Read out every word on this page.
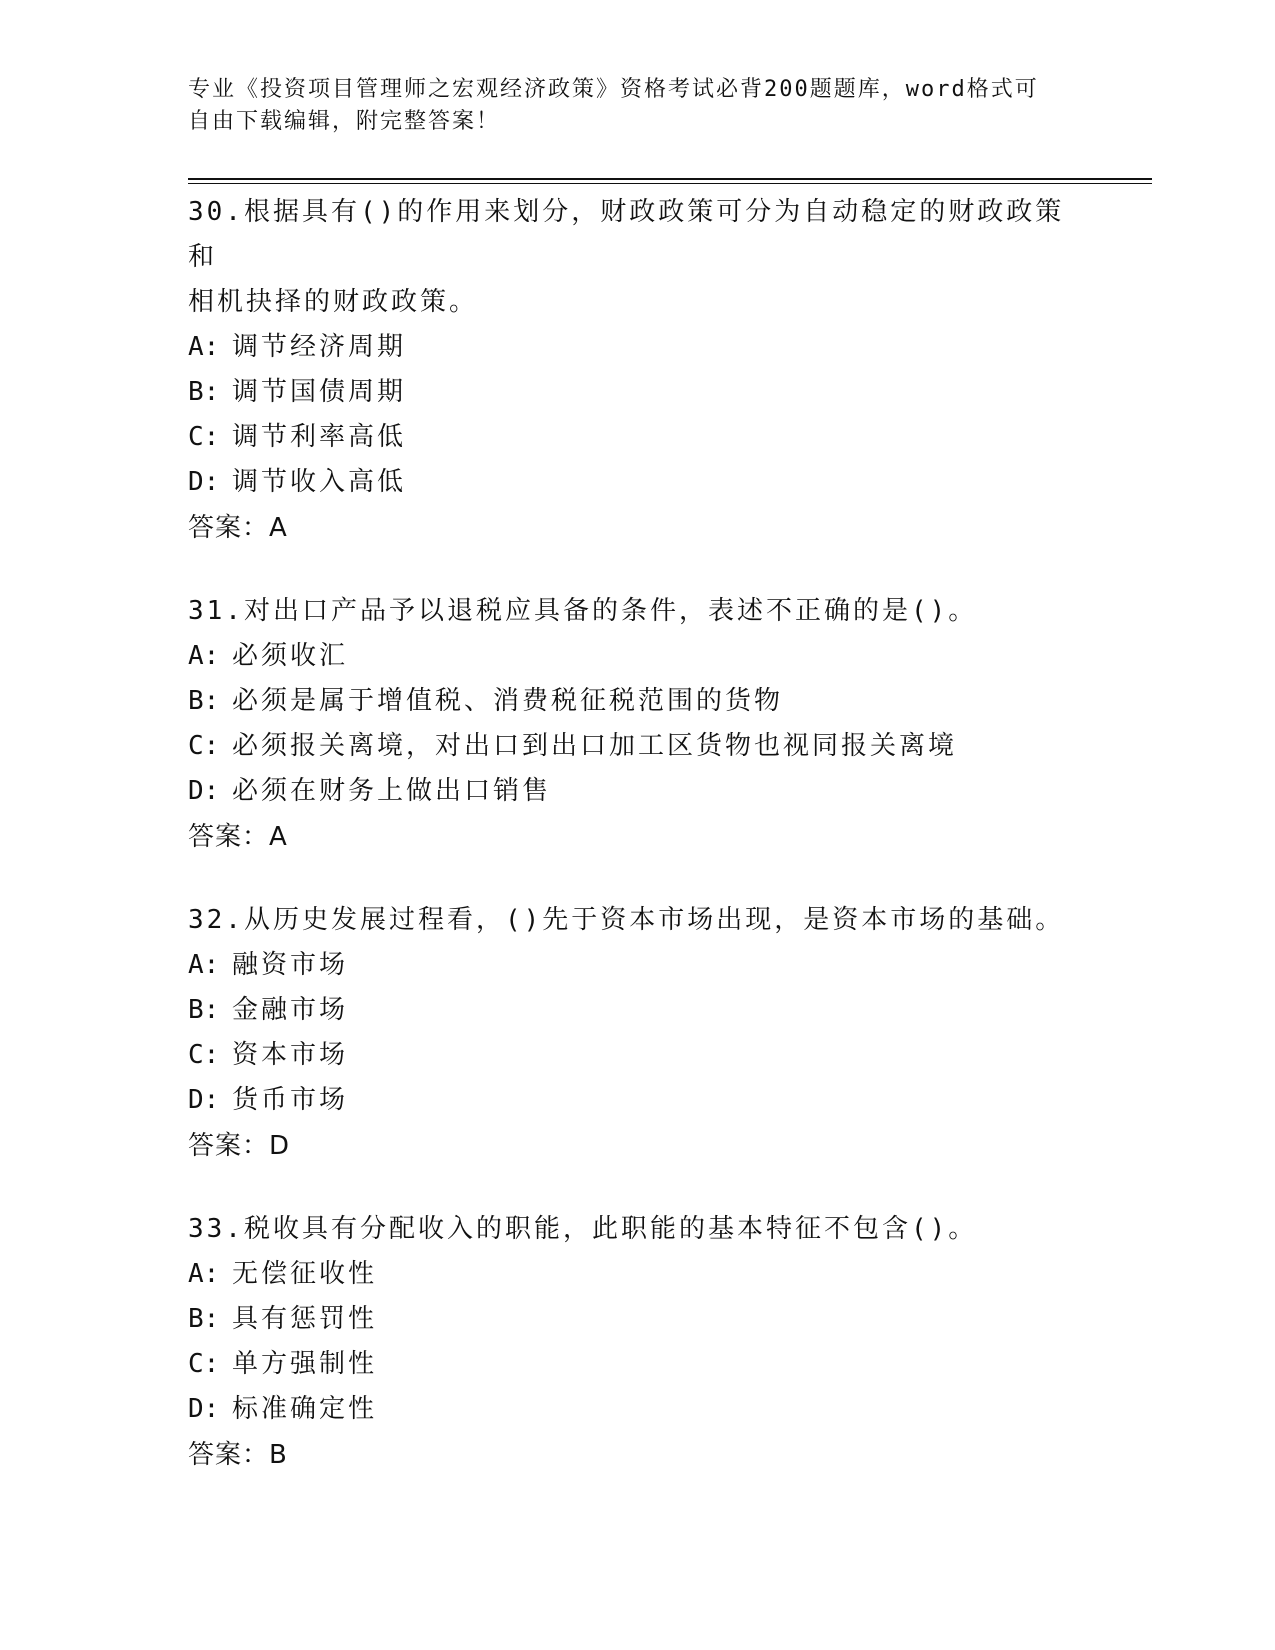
专业《投资项目管理师之宏观经济政策》资格考试必背200题题库，word格式可
自由下载编辑，附完整答案！
30.根据具有()的作用来划分，财政政策可分为自动稳定的财政政策和
相机抉择的财政政策。
A: 调节经济周期
B: 调节国债周期
C: 调节利率高低
D: 调节收入高低
答案：A
31.对出口产品予以退税应具备的条件，表述不正确的是()。
A: 必须收汇
B: 必须是属于增值税、消费税征税范围的货物
C: 必须报关离境，对出口到出口加工区货物也视同报关离境
D: 必须在财务上做出口销售
答案：A
32.从历史发展过程看，()先于资本市场出现，是资本市场的基础。
A: 融资市场
B: 金融市场
C: 资本市场
D: 货币市场
答案：D
33.税收具有分配收入的职能，此职能的基本特征不包含()。
A: 无偿征收性
B: 具有惩罚性
C: 单方强制性
D: 标准确定性
答案：B
